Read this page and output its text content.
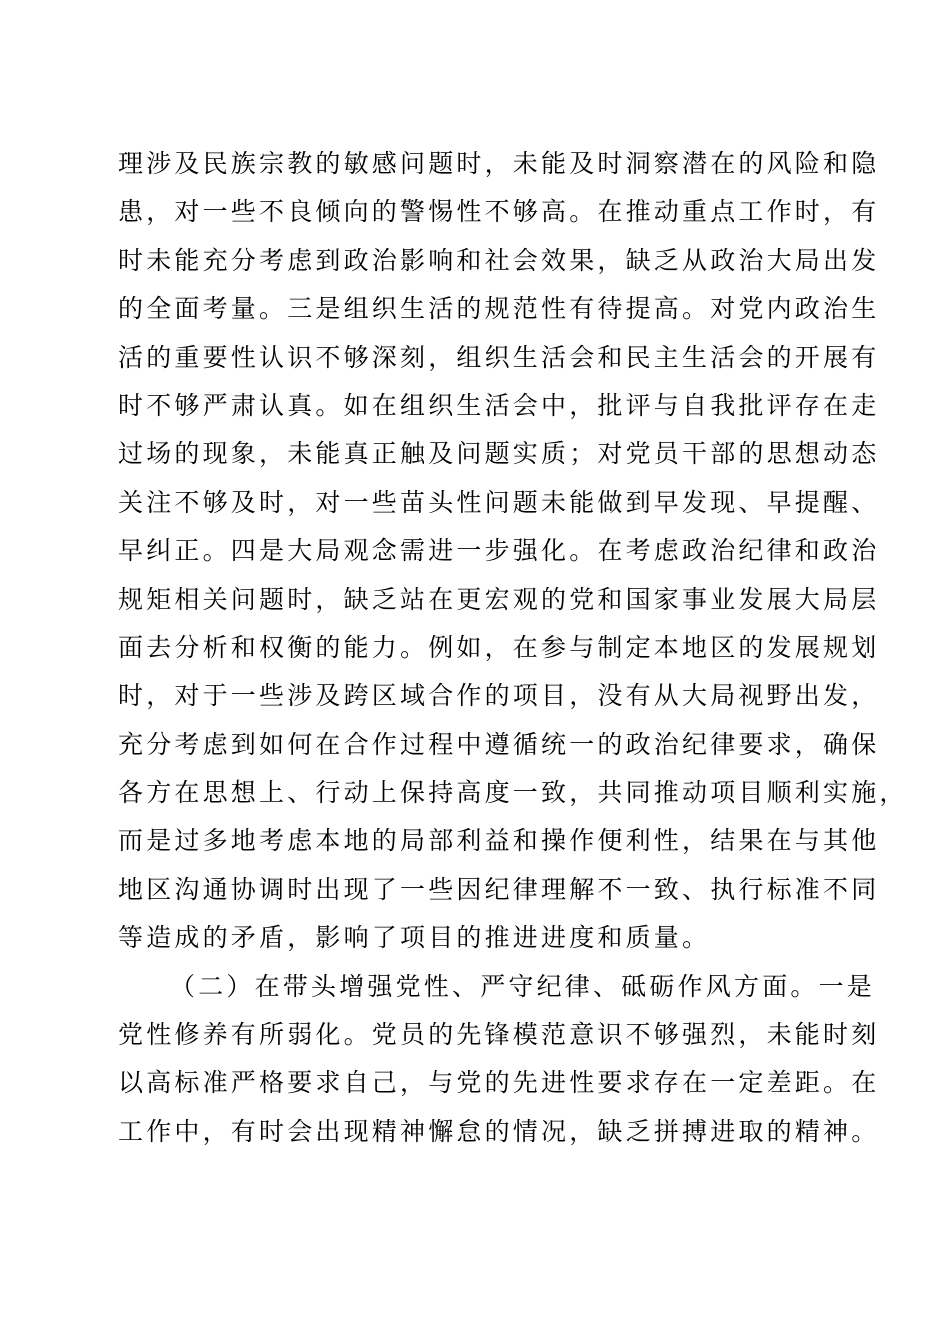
理涉及民族宗教的敏感问题时，未能及时洞察潜在的风险和隐
患，对一些不良倾向的警惕性不够高。在推动重点工作时，有
时未能充分考虑到政治影响和社会效果，缺乏从政治大局出发
的全面考量。三是组织生活的规范性有待提高。对党内政治生
活的重要性认识不够深刻，组织生活会和民主生活会的开展有
时不够严肃认真。如在组织生活会中，批评与自我批评存在走
过场的现象，未能真正触及问题实质；对党员干部的思想动态
关注不够及时，对一些苗头性问题未能做到早发现、早提醒、
早纠正。四是大局观念需进一步强化。在考虑政治纪律和政治
规矩相关问题时，缺乏站在更宏观的党和国家事业发展大局层
面去分析和权衡的能力。例如，在参与制定本地区的发展规划
时，对于一些涉及跨区域合作的项目，没有从大局视野出发，
充分考虑到如何在合作过程中遵循统一的政治纪律要求，确保
各方在思想上、行动上保持高度一致，共同推动项目顺利实施，
而是过多地考虑本地的局部利益和操作便利性，结果在与其他
地区沟通协调时出现了一些因纪律理解不一致、执行标准不同
等造成的矛盾，影响了项目的推进进度和质量。
（二）在带头增强党性、严守纪律、砥砺作风方面。一是
党性修养有所弱化。党员的先锋模范意识不够强烈，未能时刻
以高标准严格要求自己，与党的先进性要求存在一定差距。在
工作中，有时会出现精神懈怠的情况，缺乏拼搏进取的精神。
